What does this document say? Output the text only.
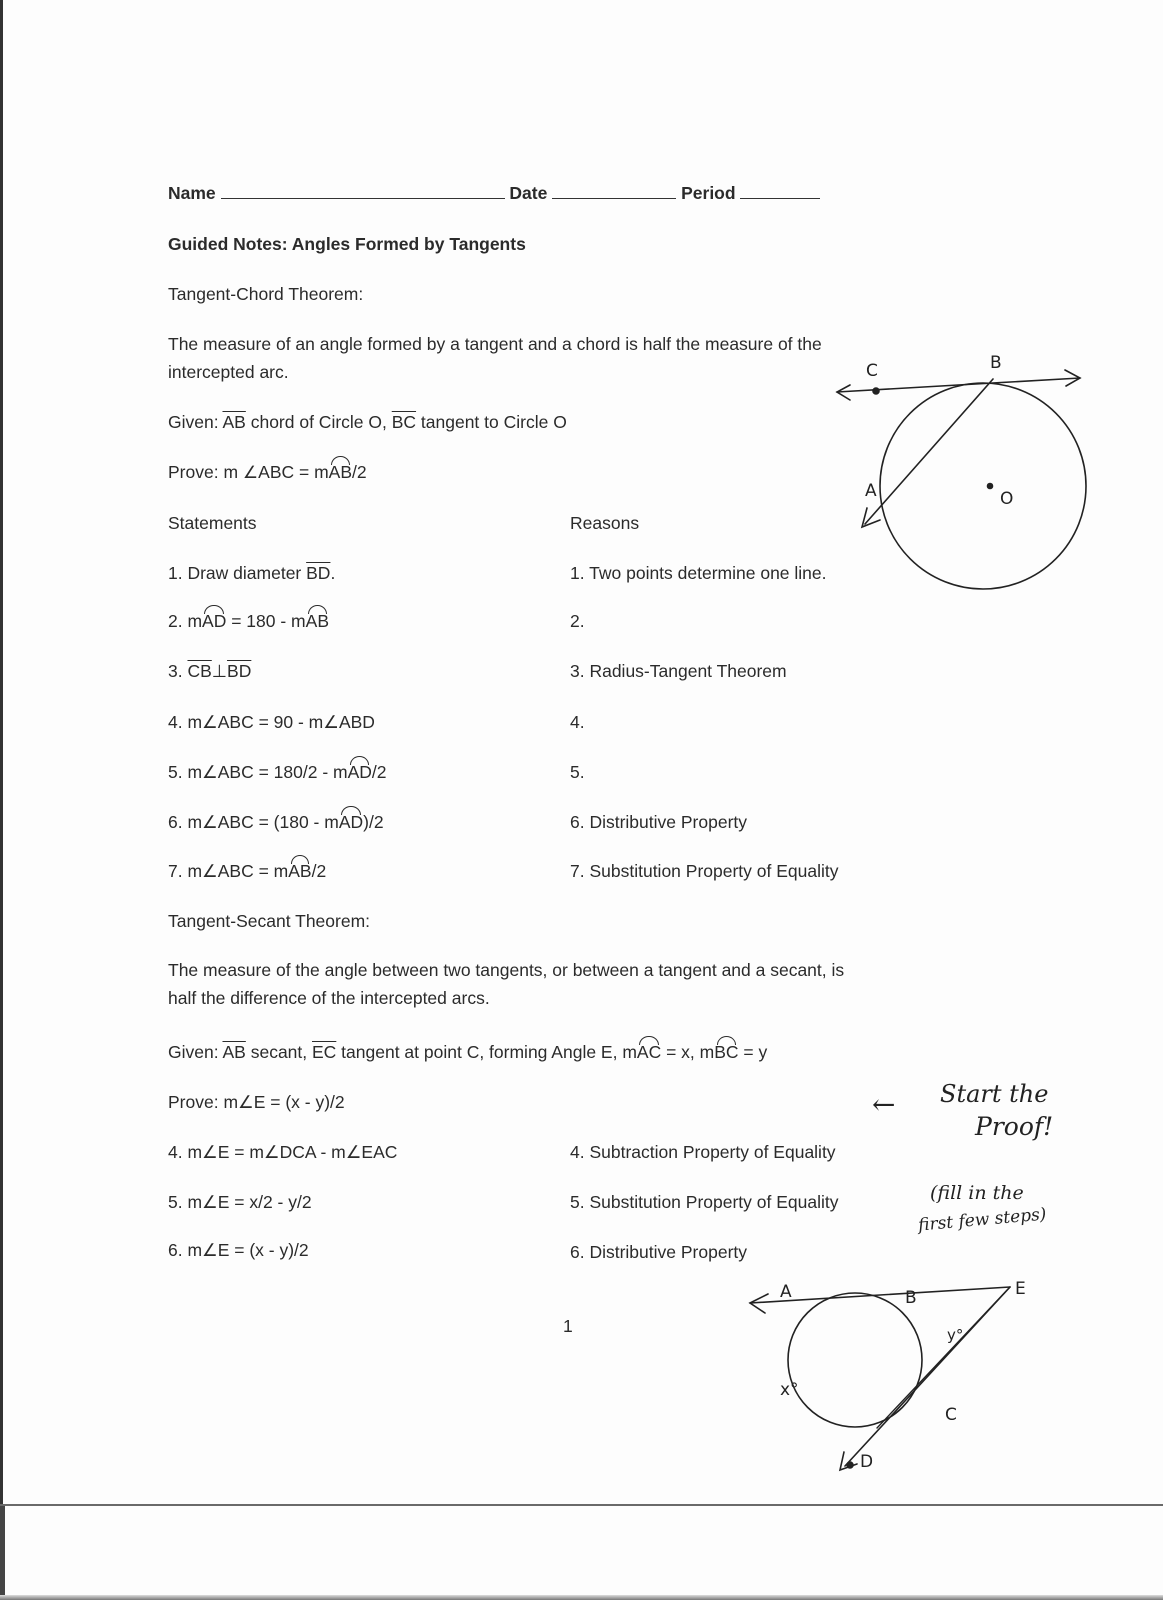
Name	Date	Period
Guided Notes: Angles Formed by Tangents
Tangent-Chord Theorem:
The measure of an angle formed by a tangent and a chord is half the measure of the
intercepted arc.
Given: $\overline{AB}$ chord of Circle O, $\overline{BC}$ tangent to Circle O
Prove: m ∠ABC = mAB/2
Statements	Reasons
1. Draw diameter $\overline{BD}$.	1. Two points determine one line.
2. mAD = 180 - mAB	2.
3. $\overline{CB}\perp\overline{BD}$	3. Radius-Tangent Theorem
4. m∠ABC = 90 - m∠ABD	4.
5. m∠ABC = 180/2 - mAD/2	5.
6. m∠ABC = (180 - mAD)/2	6. Distributive Property
7. m∠ABC = mAB/2	7. Substitution Property of Equality
C	B
A	O
Tangent-Secant Theorem:
The measure of the angle between two tangents, or between a tangent and a secant, is
half the difference of the intercepted arcs.
Given: $\overline{AB}$ secant, $\overline{EC}$ tangent at point C, forming Angle E, mAC = x, mBC = y
Prove: m∠E = (x - y)/2
4. m∠E = m∠DCA - m∠EAC	4. Subtraction Property of Equality
5. m∠E = x/2 - y/2	5. Substitution Property of Equality
6. m∠E = (x - y)/2	6. Distributive Property
← Start the
Proof!
(fill in the
first few steps)
A	B	E
y°
x°
C
D
1
